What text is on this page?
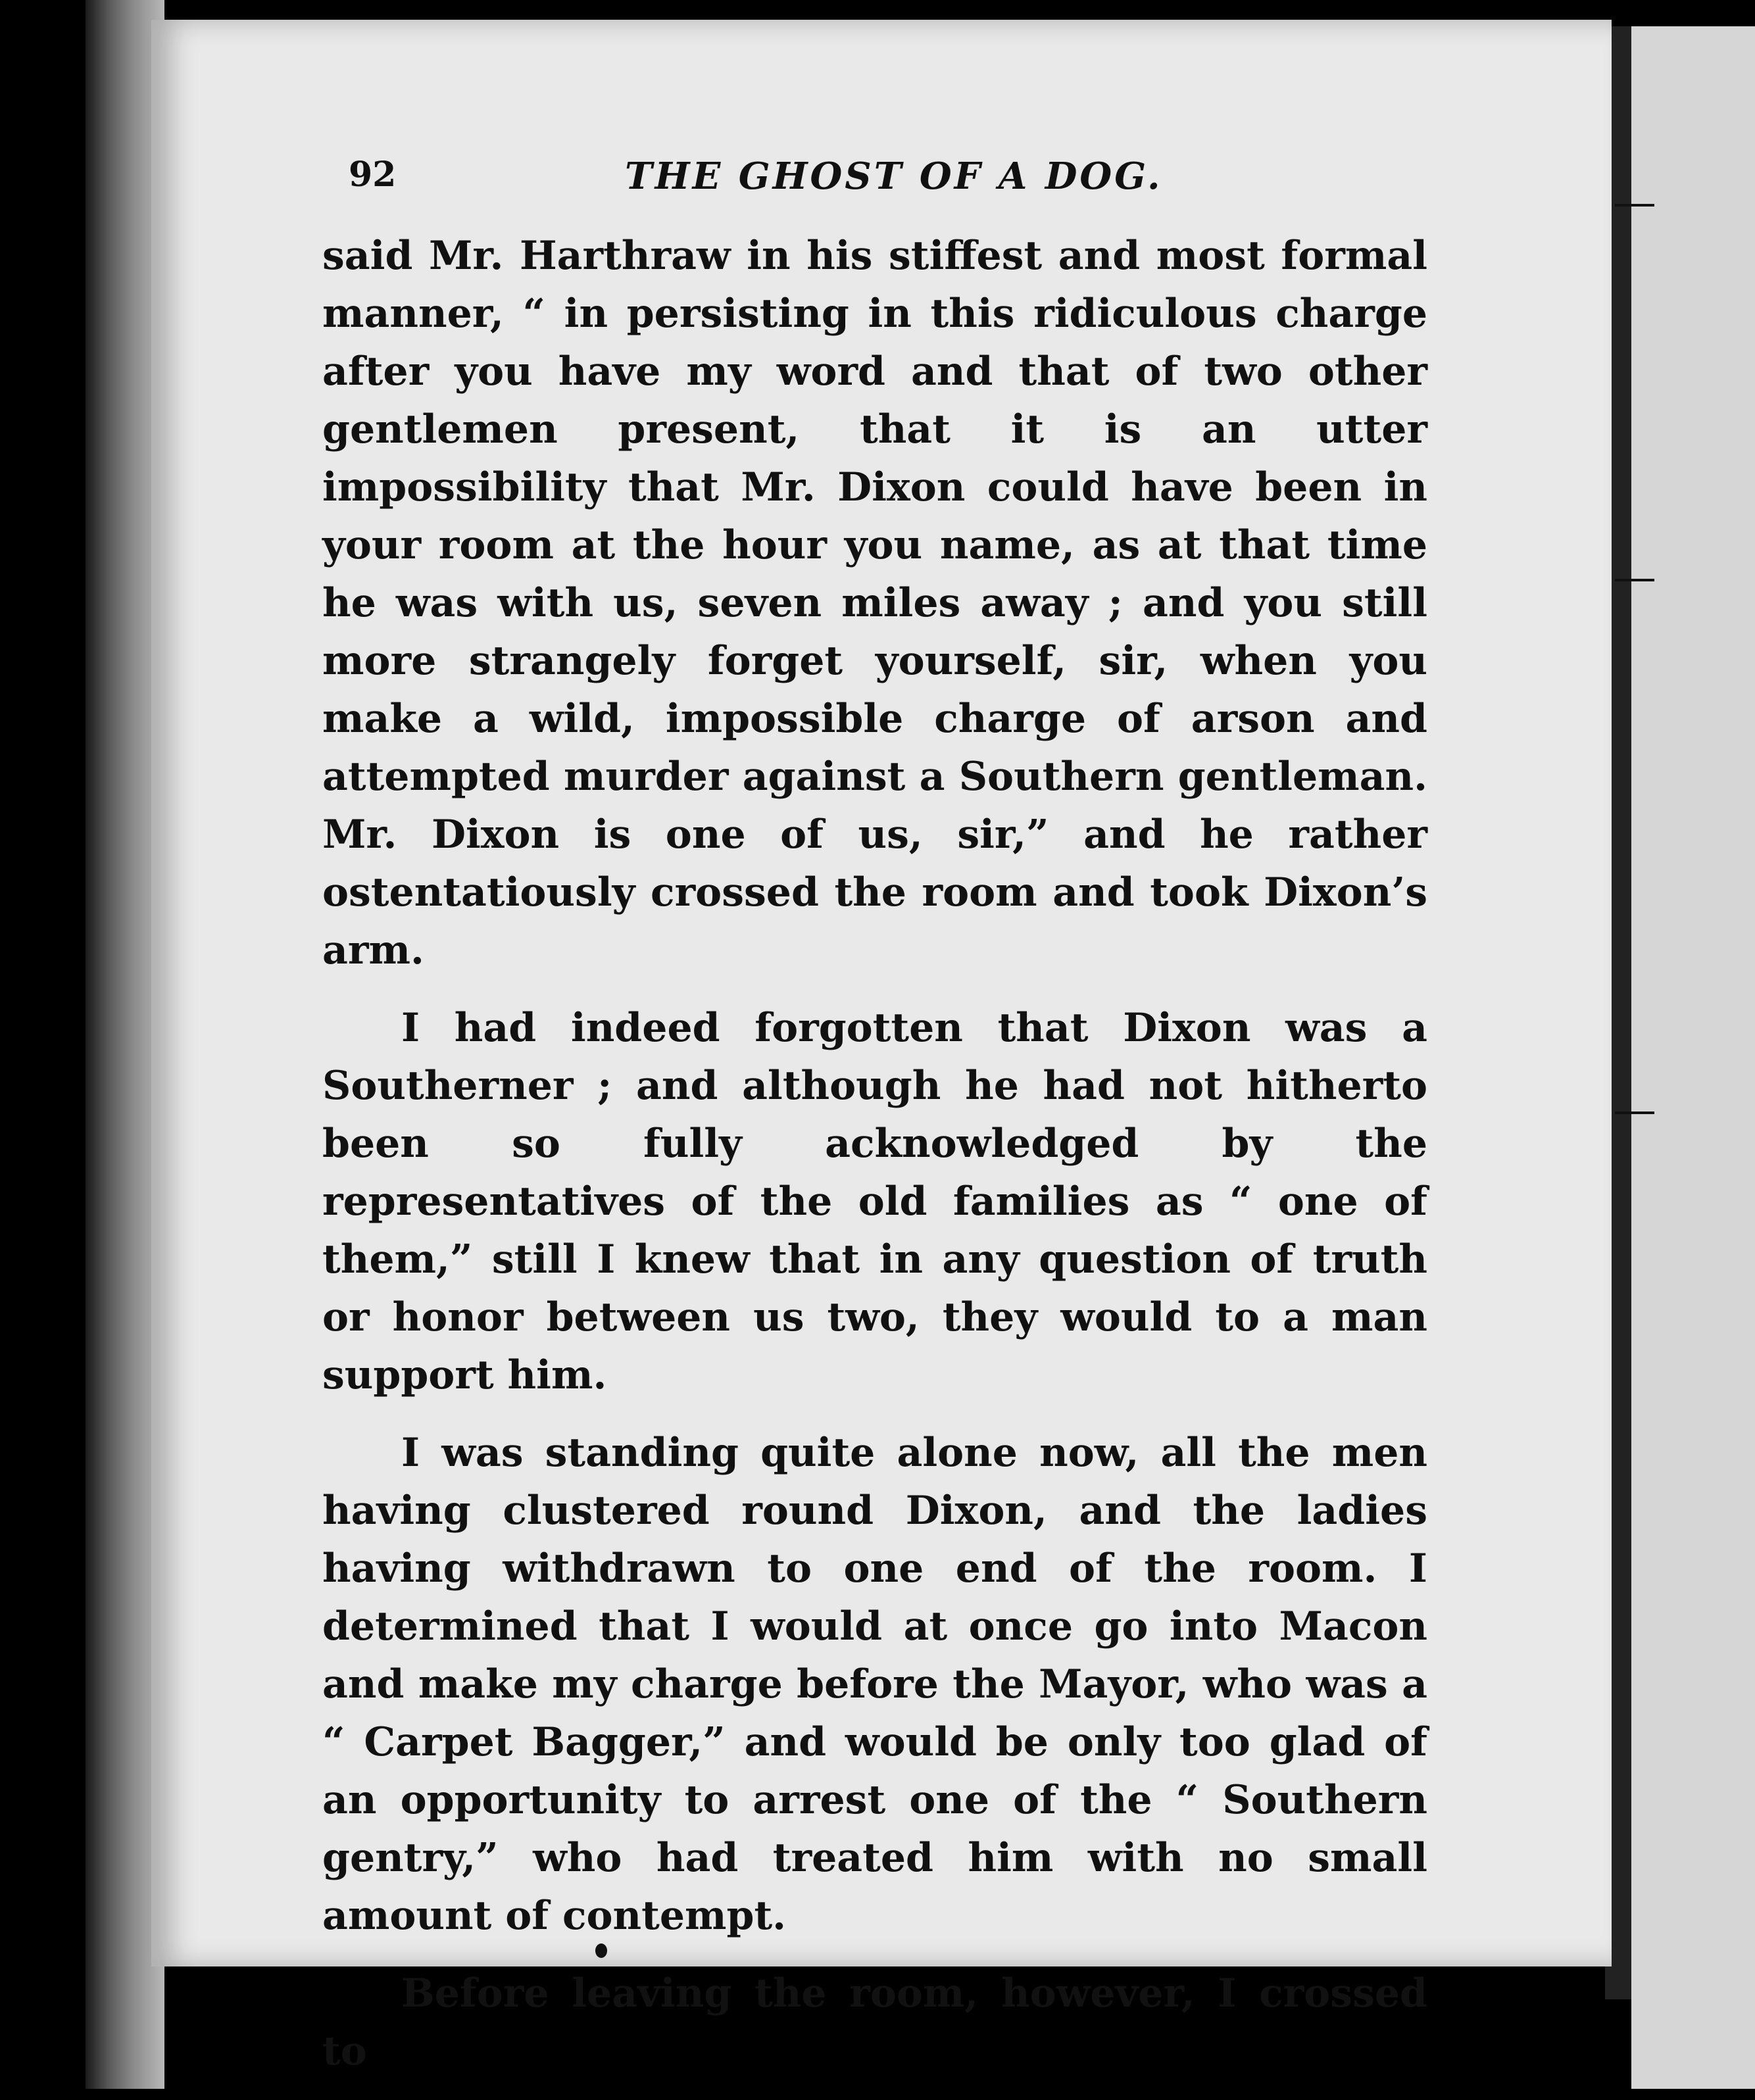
92	THE GHOST OF A DOG.

said Mr. Harthraw in his stiffest and most formal manner, “ in persisting in this ridiculous charge after you have my word and that of two other gentlemen present, that it is an utter impossibility that Mr. Dixon could have been in your room at the hour you name, as at that time he was with us, seven miles away ; and you still more strangely forget yourself, sir, when you make a wild, impossible charge of arson and attempted murder against a Southern gentleman. Mr. Dixon is one of us, sir,” and he rather ostentatiously crossed the room and took Dixon’s arm.

I had indeed forgotten that Dixon was a Southerner ; and although he had not hitherto been so fully acknowledged by the representatives of the old families as “ one of them,” still I knew that in any question of truth or honor between us two, they would to a man support him.

I was standing quite alone now, all the men having clustered round Dixon, and the ladies having withdrawn to one end of the room. I determined that I would at once go into Macon and make my charge before the Mayor, who was a “ Carpet Bagger,” and would be only too glad of an opportunity to arrest one of the “ Southern gentry,” who had treated him with no small amount of contempt.

Before leaving the room, however, I crossed to
